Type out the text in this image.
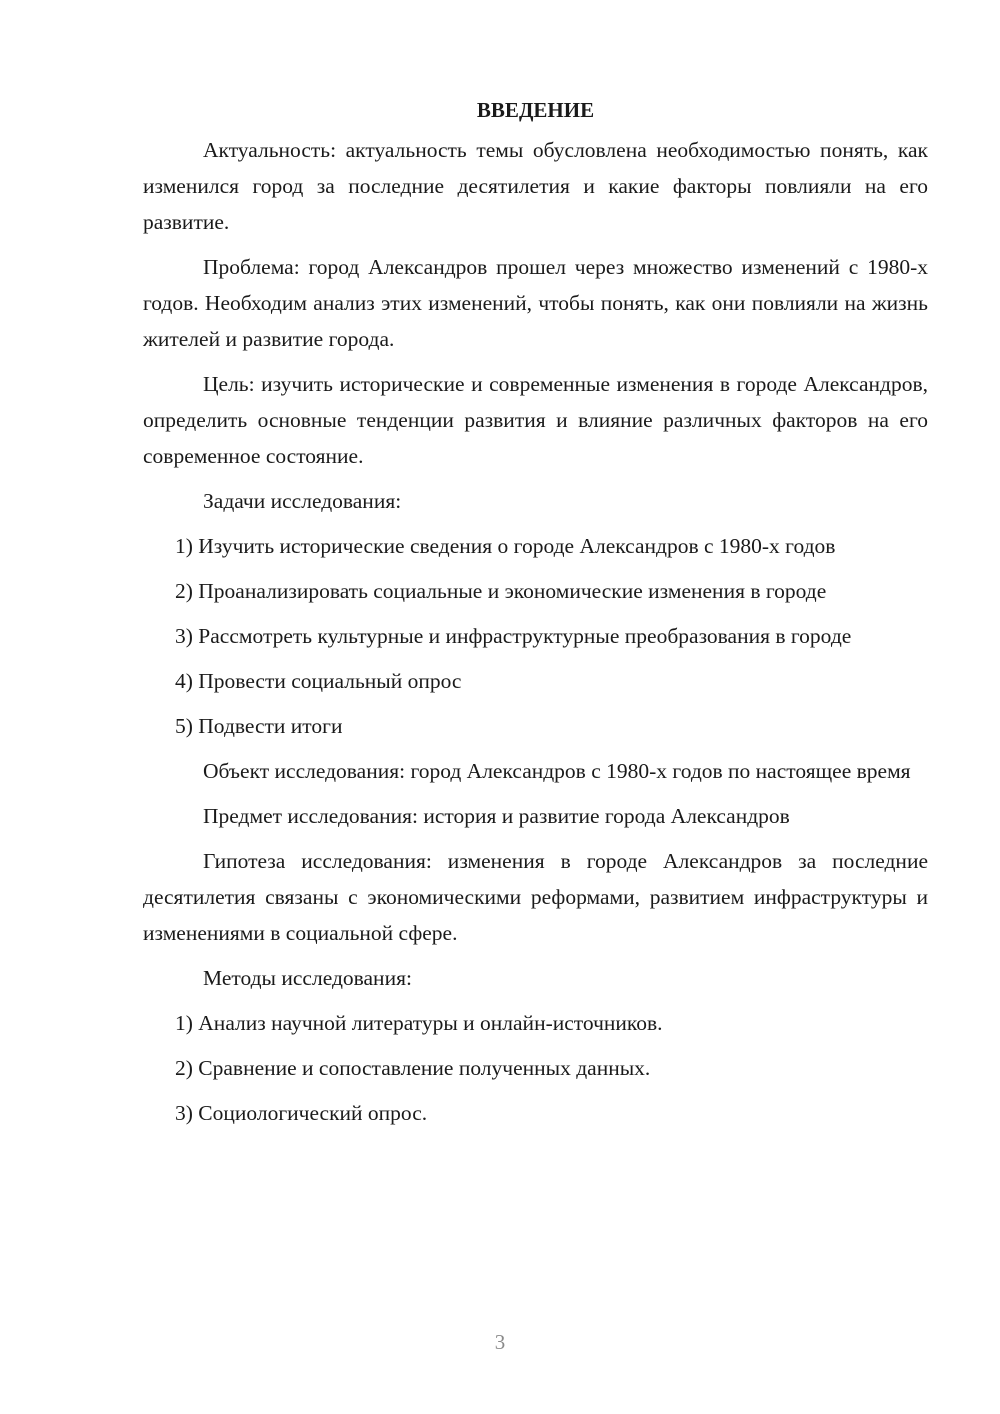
ВВЕДЕНИЕ

Актуальность: актуальность темы обусловлена необходимостью понять, как изменился город за последние десятилетия и какие факторы повлияли на его развитие.

Проблема: город Александров прошел через множество изменений с 1980-х годов. Необходим анализ этих изменений, чтобы понять, как они повлияли на жизнь жителей и развитие города.

Цель: изучить исторические и современные изменения в городе Александров, определить основные тенденции развития и влияние различных факторов на его современное состояние.

Задачи исследования:

1) Изучить исторические сведения о городе Александров с 1980-х годов

2) Проанализировать социальные и экономические изменения в городе

3) Рассмотреть культурные и инфраструктурные преобразования в городе

4) Провести социальный опрос

5) Подвести итоги

Объект исследования: город Александров с 1980-х годов по настоящее время

Предмет исследования: история и развитие города Александров

Гипотеза исследования: изменения в городе Александров за последние десятилетия связаны с экономическими реформами, развитием инфраструктуры и изменениями в социальной сфере.

Методы исследования:

1) Анализ научной литературы и онлайн-источников.

2) Сравнение и сопоставление полученных данных.

3) Социологический опрос.

3
